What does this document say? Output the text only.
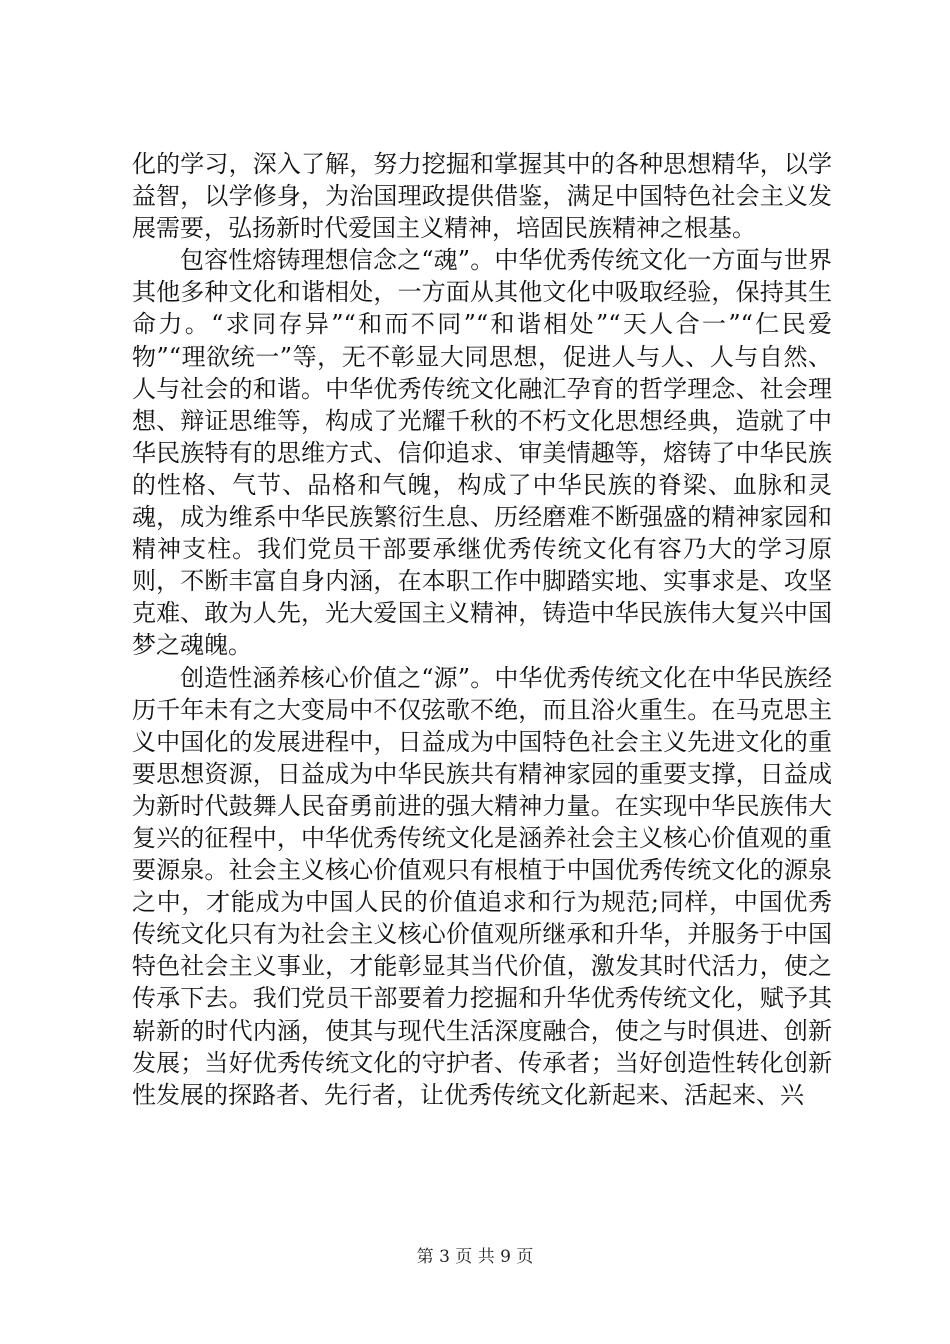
化的学习，深入了解，努力挖掘和掌握其中的各种思想精华，以学益智，以学修身，为治国理政提供借鉴，满足中国特色社会主义发展需要，弘扬新时代爱国主义精神，培固民族精神之根基。

包容性熔铸理想信念之“魂”。中华优秀传统文化一方面与世界其他多种文化和谐相处，一方面从其他文化中吸取经验，保持其生命力。“求同存异”“和而不同”“和谐相处”“天人合一”“仁民爱物”“理欲统一”等，无不彰显大同思想，促进人与人、人与自然、人与社会的和谐。中华优秀传统文化融汇孕育的哲学理念、社会理想、辩证思维等，构成了光耀千秋的不朽文化思想经典，造就了中华民族特有的思维方式、信仰追求、审美情趣等，熔铸了中华民族的性格、气节、品格和气魄，构成了中华民族的脊梁、血脉和灵魂，成为维系中华民族繁衍生息、历经磨难不断强盛的精神家园和精神支柱。我们党员干部要承继优秀传统文化有容乃大的学习原则，不断丰富自身内涵，在本职工作中脚踏实地、实事求是、攻坚克难、敢为人先，光大爱国主义精神，铸造中华民族伟大复兴中国梦之魂魄。

创造性涵养核心价值之“源”。中华优秀传统文化在中华民族经历千年未有之大变局中不仅弦歌不绝，而且浴火重生。在马克思主义中国化的发展进程中，日益成为中国特色社会主义先进文化的重要思想资源，日益成为中华民族共有精神家园的重要支撑，日益成为新时代鼓舞人民奋勇前进的强大精神力量。在实现中华民族伟大复兴的征程中，中华优秀传统文化是涵养社会主义核心价值观的重要源泉。社会主义核心价值观只有根植于中国优秀传统文化的源泉之中，才能成为中国人民的价值追求和行为规范;同样，中国优秀传统文化只有为社会主义核心价值观所继承和升华，并服务于中国特色社会主义事业，才能彰显其当代价值，激发其时代活力，使之传承下去。我们党员干部要着力挖掘和升华优秀传统文化，赋予其崭新的时代内涵，使其与现代生活深度融合，使之与时俱进、创新发展；当好优秀传统文化的守护者、传承者；当好创造性转化创新性发展的探路者、先行者，让优秀传统文化新起来、活起来、兴

第 3 页 共 9 页
